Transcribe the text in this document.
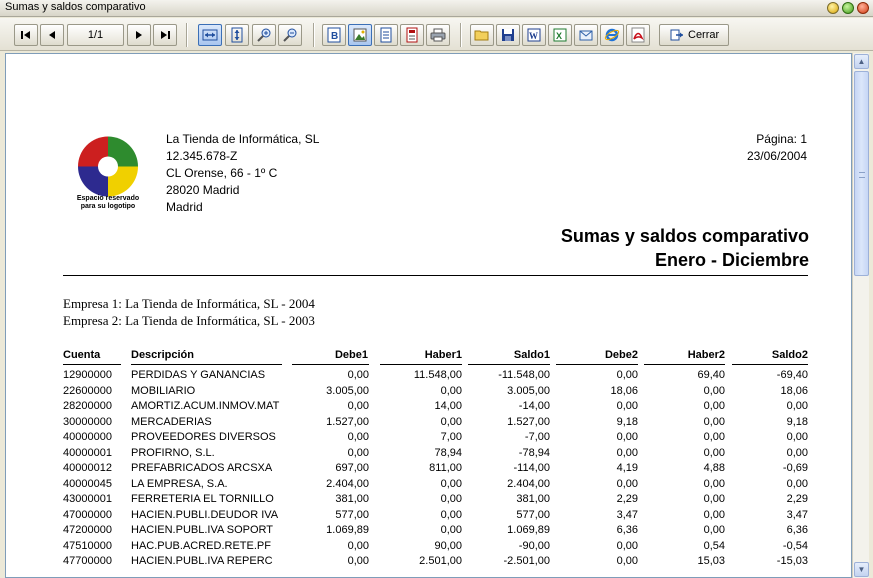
Sumas y saldos comparativo
1/1	B	W X	Cerrar
Espacio reservado
para su logotipo
La Tienda de Informática, SL
12.345.678-Z
CL Orense, 66 - 1º C
28020 Madrid
Madrid
Página: 1
23/06/2004
Sumas y saldos comparativo
Enero - Diciembre
Empresa 1: La Tienda de Informática, SL - 2004
Empresa 2: La Tienda de Informática, SL - 2003
Cuenta	Descripción	Debe1	Haber1	Saldo1	Debe2	Haber2	Saldo2
12900000	PERDIDAS Y GANANCIAS	0,00	11.548,00	-11.548,00	0,00	69,40	-69,40
22600000	MOBILIARIO	3.005,00	0,00	3.005,00	18,06	0,00	18,06
28200000	AMORTIZ.ACUM.INMOV.MAT	0,00	14,00	-14,00	0,00	0,00	0,00
30000000	MERCADERIAS	1.527,00	0,00	1.527,00	9,18	0,00	9,18
40000000	PROVEEDORES DIVERSOS	0,00	7,00	-7,00	0,00	0,00	0,00
40000001	PROFIRNO, S.L.	0,00	78,94	-78,94	0,00	0,00	0,00
40000012	PREFABRICADOS ARCSXA	697,00	811,00	-114,00	4,19	4,88	-0,69
40000045	LA EMPRESA, S.A.	2.404,00	0,00	2.404,00	0,00	0,00	0,00
43000001	FERRETERIA EL TORNILLO	381,00	0,00	381,00	2,29	0,00	2,29
47000000	HACIEN.PUBLI.DEUDOR IVA	577,00	0,00	577,00	3,47	0,00	3,47
47200000	HACIEN.PUBL.IVA SOPORT	1.069,89	0,00	1.069,89	6,36	0,00	6,36
47510000	HAC.PUB.ACRED.RETE.PF	0,00	90,00	-90,00	0,00	0,54	-0,54
47700000	HACIEN.PUBL.IVA REPERC	0,00	2.501,00	-2.501,00	0,00	15,03	-15,03
▲
▼
